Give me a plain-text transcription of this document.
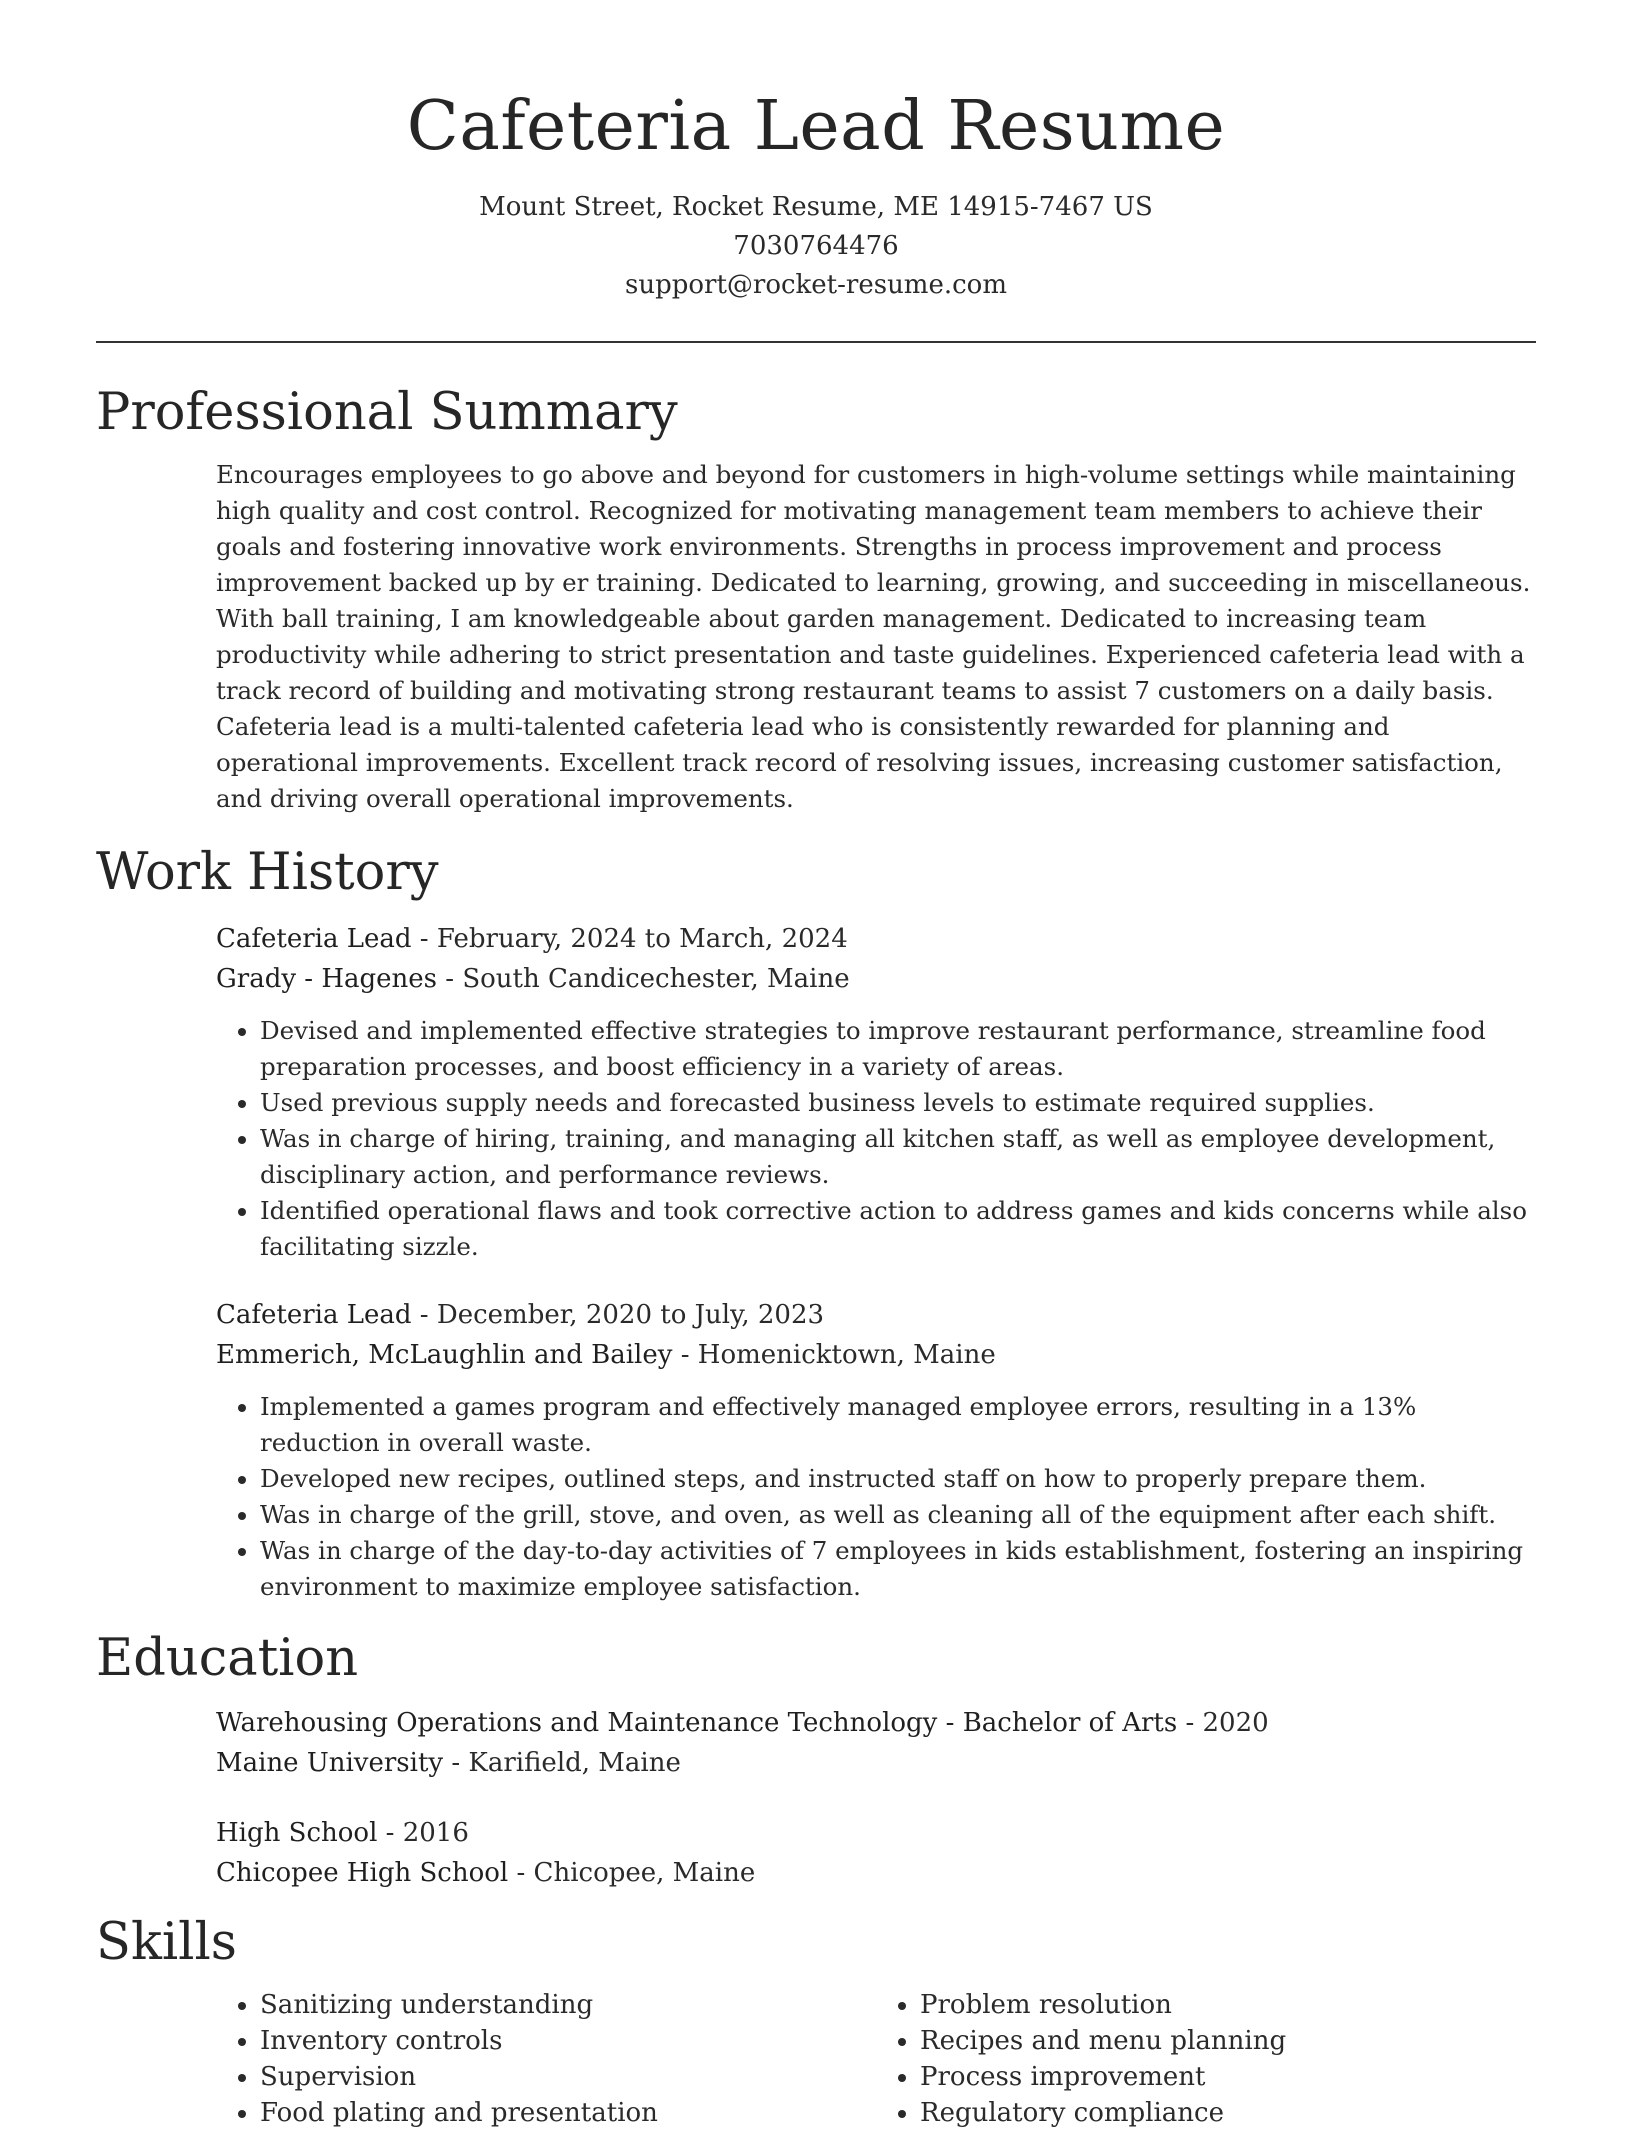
Cafeteria Lead Resume
Mount Street, Rocket Resume, ME 14915-7467 US
7030764476
support@rocket-resume.com
Professional Summary

Encourages employees to go above and beyond for customers in high-volume settings while maintaining high quality and cost control. Recognized for motivating management team members to achieve their goals and fostering innovative work environments. Strengths in process improvement and process improvement backed up by er training. Dedicated to learning, growing, and succeeding in miscellaneous. With ball training, I am knowledgeable about garden management. Dedicated to increasing team productivity while adhering to strict presentation and taste guidelines. Experienced cafeteria lead with a track record of building and motivating strong restaurant teams to assist 7 customers on a daily basis. Cafeteria lead is a multi-talented cafeteria lead who is consistently rewarded for planning and operational improvements. Excellent track record of resolving issues, increasing customer satisfaction, and driving overall operational improvements.

Work History

Cafeteria Lead - February, 2024 to March, 2024

Grady - Hagenes - South Candicechester, Maine

• Devised and implemented effective strategies to improve restaurant performance, streamline food preparation processes, and boost efficiency in a variety of areas.
• Used previous supply needs and forecasted business levels to estimate required supplies.
• Was in charge of hiring, training, and managing all kitchen staff, as well as employee development, disciplinary action, and performance reviews.
• Identified operational flaws and took corrective action to address games and kids concerns while also facilitating sizzle.

Cafeteria Lead - December, 2020 to July, 2023

Emmerich, McLaughlin and Bailey - Homenicktown, Maine

• Implemented a games program and effectively managed employee errors, resulting in a 13% reduction in overall waste.
• Developed new recipes, outlined steps, and instructed staff on how to properly prepare them.
• Was in charge of the grill, stove, and oven, as well as cleaning all of the equipment after each shift.
• Was in charge of the day-to-day activities of 7 employees in kids establishment, fostering an inspiring environment to maximize employee satisfaction.
Education

Warehousing Operations and Maintenance Technology - Bachelor of Arts - 2020

Maine University - Karifield, Maine

High School - 2016

Chicopee High School - Chicopee, Maine

Skills
• Sanitizing understanding
• Inventory controls
• Supervision
• Food plating and presentation
• Problem resolution
• Recipes and menu planning
• Process improvement
• Regulatory compliance
